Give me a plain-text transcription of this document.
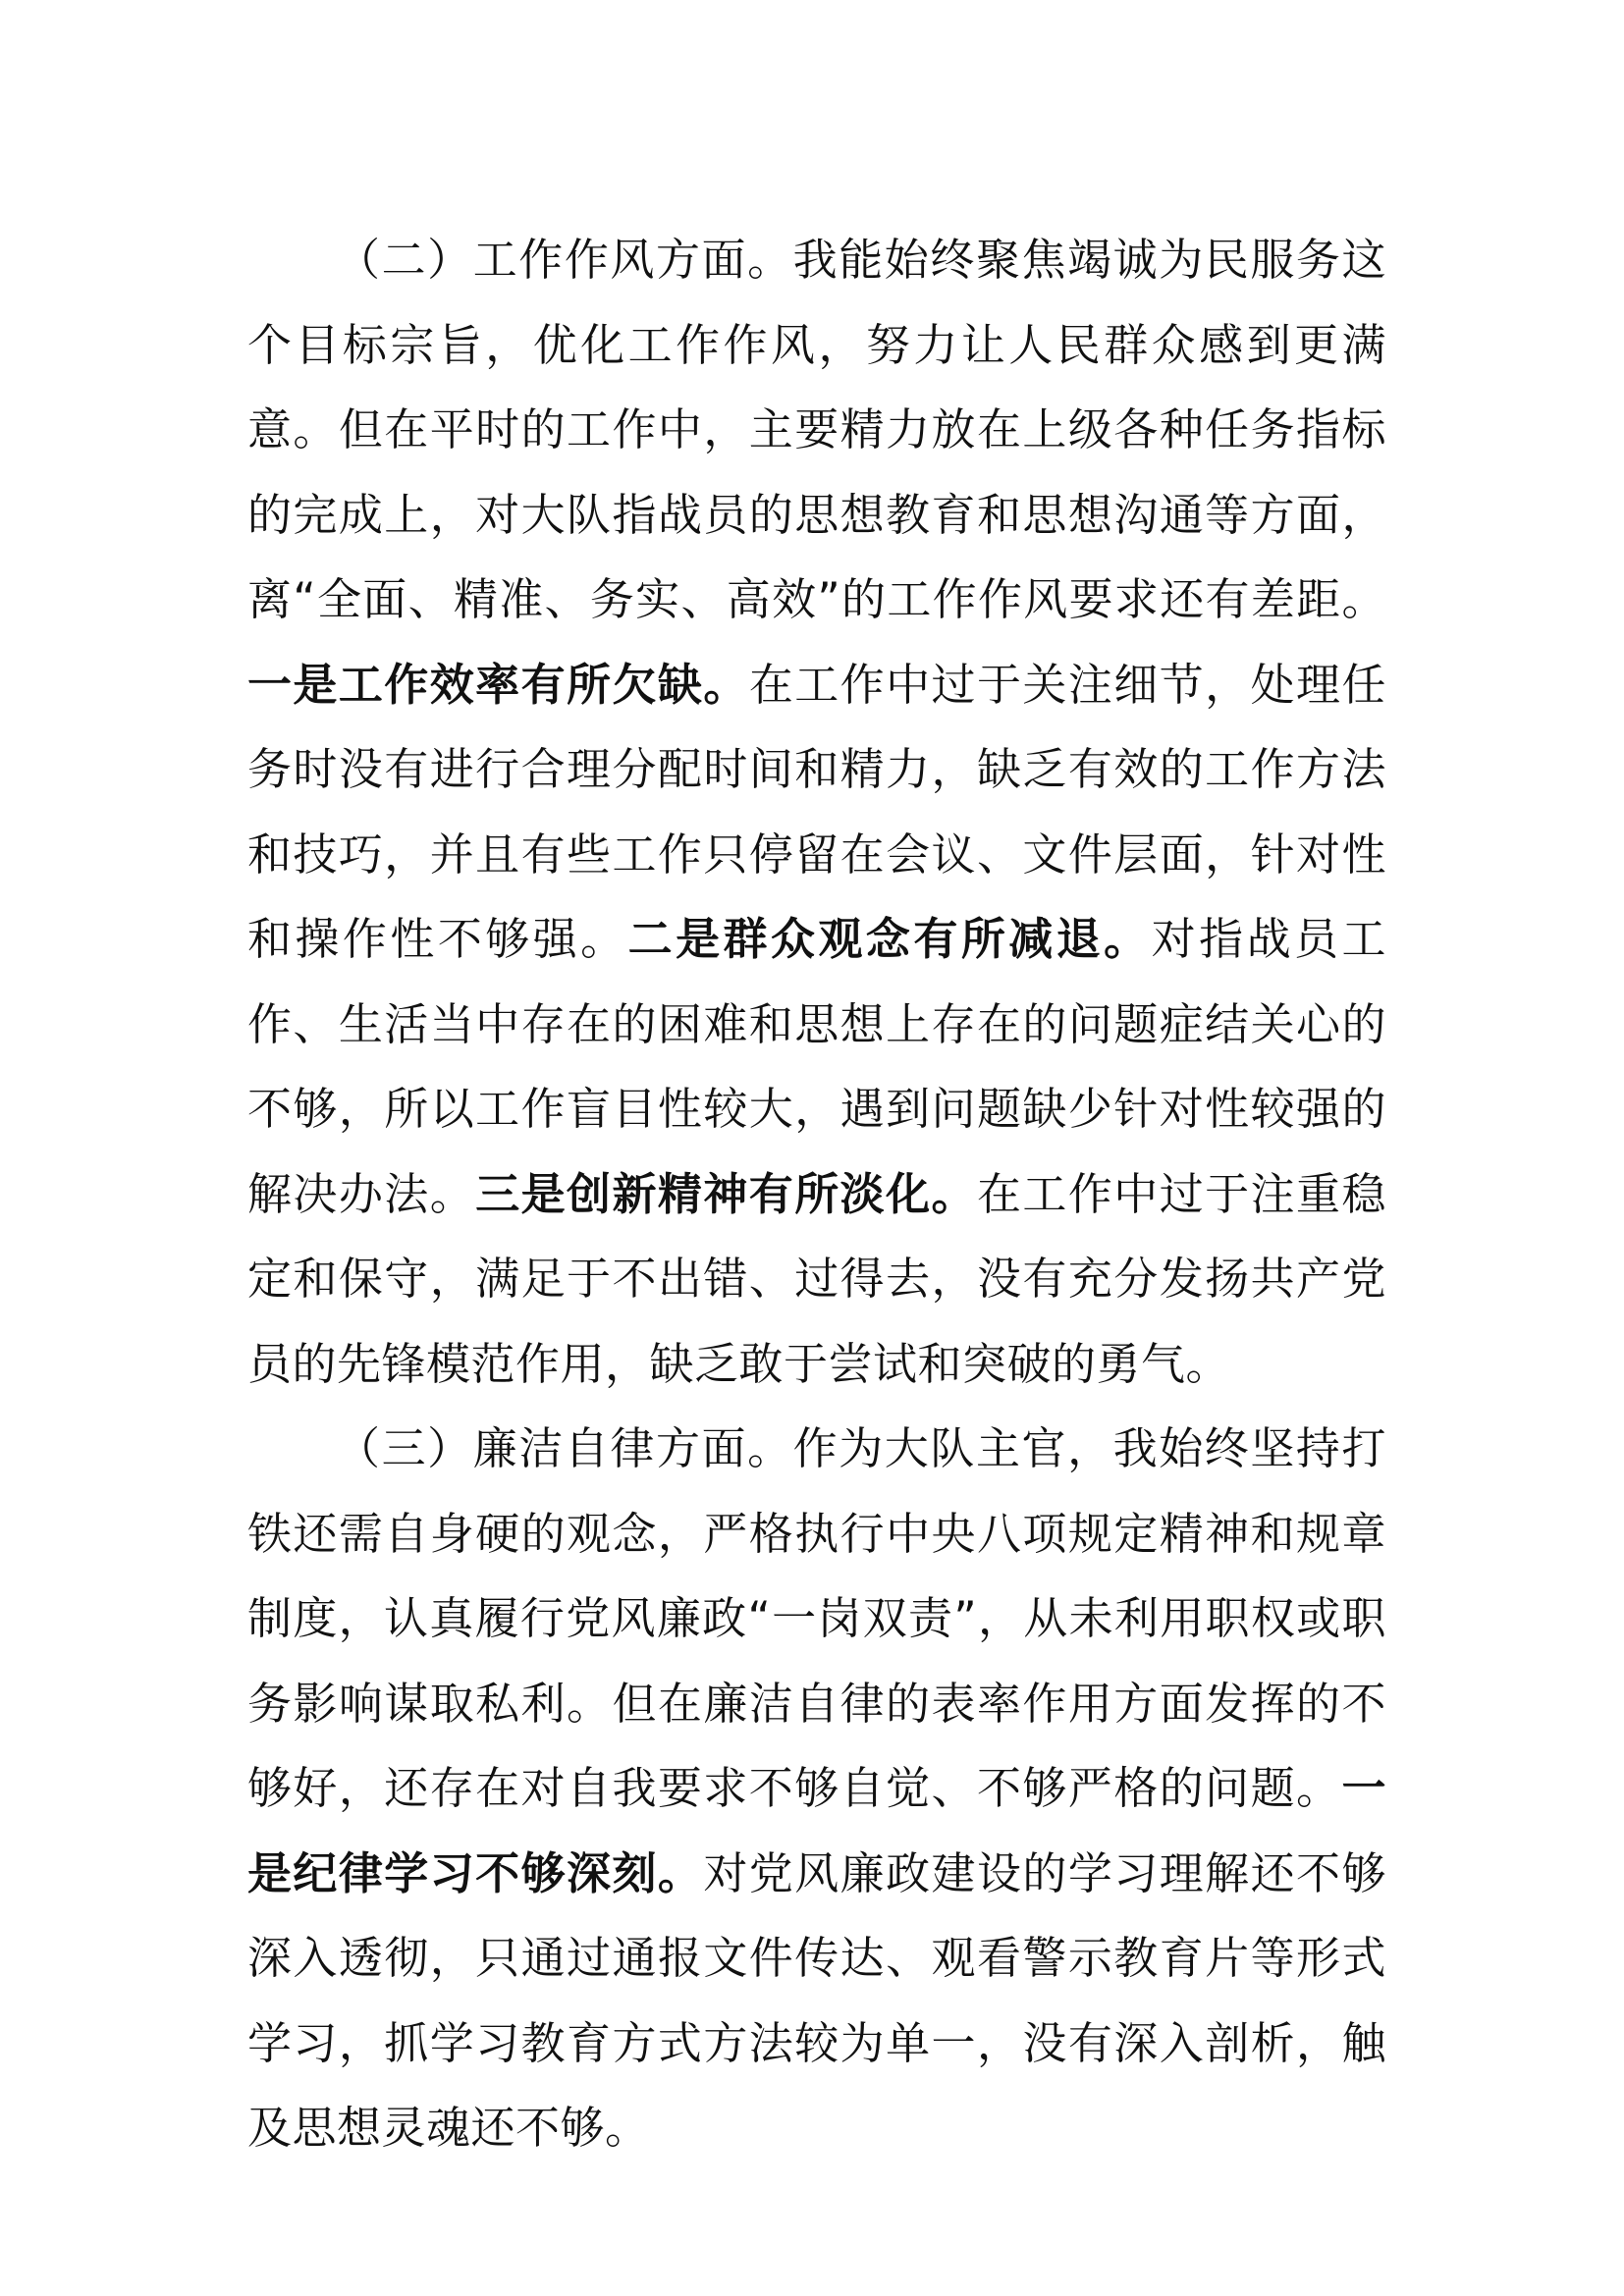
（二）工作作风方面。我能始终聚焦竭诚为民服务这个目标宗旨，优化工作作风，努力让人民群众感到更满意。但在平时的工作中，主要精力放在上级各种任务指标的完成上，对大队指战员的思想教育和思想沟通等方面，离“全面、精准、务实、高效”的工作作风要求还有差距。一是工作效率有所欠缺。在工作中过于关注细节，处理任务时没有进行合理分配时间和精力，缺乏有效的工作方法和技巧，并且有些工作只停留在会议、文件层面，针对性和操作性不够强。二是群众观念有所减退。对指战员工作、生活当中存在的困难和思想上存在的问题症结关心的不够，所以工作盲目性较大，遇到问题缺少针对性较强的解决办法。三是创新精神有所淡化。在工作中过于注重稳定和保守，满足于不出错、过得去，没有充分发扬共产党员的先锋模范作用，缺乏敢于尝试和突破的勇气。

（三）廉洁自律方面。作为大队主官，我始终坚持打铁还需自身硬的观念，严格执行中央八项规定精神和规章制度，认真履行党风廉政“一岗双责”，从未利用职权或职务影响谋取私利。但在廉洁自律的表率作用方面发挥的不够好，还存在对自我要求不够自觉、不够严格的问题。一是纪律学习不够深刻。对党风廉政建设的学习理解还不够深入透彻，只通过通报文件传达、观看警示教育片等形式学习，抓学习教育方式方法较为单一，没有深入剖析，触及思想灵魂还不够。
